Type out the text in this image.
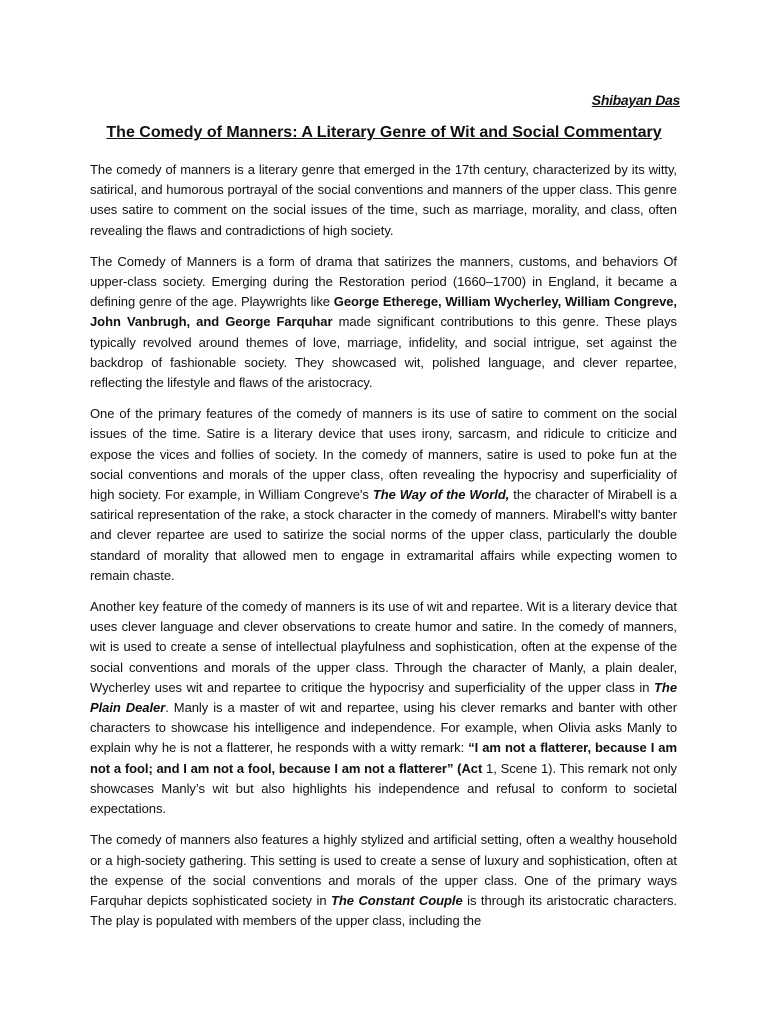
Shibayan Das
The Comedy of Manners: A Literary Genre of Wit and Social Commentary

The comedy of manners is a literary genre that emerged in the 17th century, characterized by its witty, satirical, and humorous portrayal of the social conventions and manners of the upper class. This genre uses satire to comment on the social issues of the time, such as marriage, morality, and class, often revealing the flaws and contradictions of high society.

The Comedy of Manners is a form of drama that satirizes the manners, customs, and behaviors Of upper-class society. Emerging during the Restoration period (1660–1700) in England, it became a defining genre of the age. Playwrights like George Etherege, William Wycherley, William Congreve, John Vanbrugh, and George Farquhar made significant contributions to this genre. These plays typically revolved around themes of love, marriage, infidelity, and social intrigue, set against the backdrop of fashionable society. They showcased wit, polished language, and clever repartee, reflecting the lifestyle and flaws of the aristocracy.

One of the primary features of the comedy of manners is its use of satire to comment on the social issues of the time. Satire is a literary device that uses irony, sarcasm, and ridicule to criticize and expose the vices and follies of society. In the comedy of manners, satire is used to poke fun at the social conventions and morals of the upper class, often revealing the hypocrisy and superficiality of high society. For example, in William Congreve's The Way of the World, the character of Mirabell is a satirical representation of the rake, a stock character in the comedy of manners. Mirabell's witty banter and clever repartee are used to satirize the social norms of the upper class, particularly the double standard of morality that allowed men to engage in extramarital affairs while expecting women to remain chaste.

Another key feature of the comedy of manners is its use of wit and repartee. Wit is a literary device that uses clever language and clever observations to create humor and satire. In the comedy of manners, wit is used to create a sense of intellectual playfulness and sophistication, often at the expense of the social conventions and morals of the upper class. Through the character of Manly, a plain dealer, Wycherley uses wit and repartee to critique the hypocrisy and superficiality of the upper class in The Plain Dealer. Manly is a master of wit and repartee, using his clever remarks and banter with other characters to showcase his intelligence and independence. For example, when Olivia asks Manly to explain why he is not a flatterer, he responds with a witty remark: “I am not a flatterer, because I am not a fool; and I am not a fool, because I am not a flatterer” (Act 1, Scene 1). This remark not only showcases Manly’s wit but also highlights his independence and refusal to conform to societal expectations.

The comedy of manners also features a highly stylized and artificial setting, often a wealthy household or a high-society gathering. This setting is used to create a sense of luxury and sophistication, often at the expense of the social conventions and morals of the upper class. One of the primary ways Farquhar depicts sophisticated society in The Constant Couple is through its aristocratic characters. The play is populated with members of the upper class, including the
